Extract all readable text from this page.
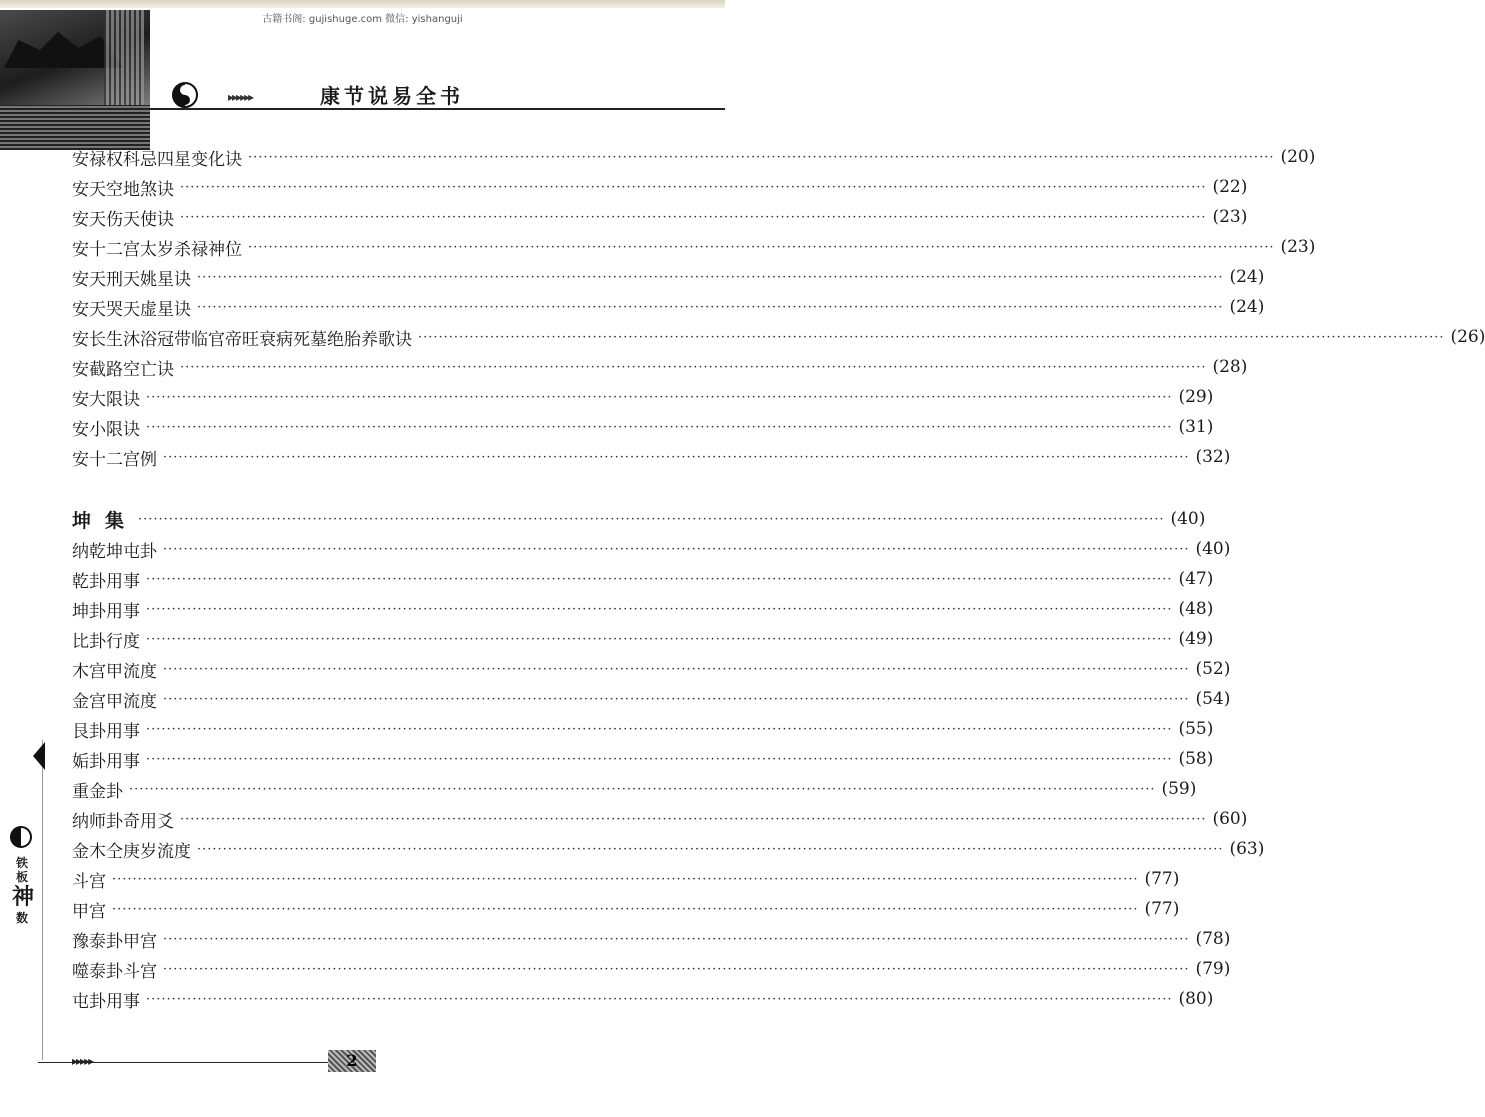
古籍书阁: gujishuge.com 微信: yishanguji
▸▸▸▸▸▸	康节说易全书
安禄权科忌四星变化诀 ········································································································································································································ (20)
安天空地煞诀 ········································································································································································································ (22)
安天伤天使诀 ········································································································································································································ (23)
安十二宫太岁杀禄神位 ········································································································································································································ (23)
安天刑天姚星诀 ········································································································································································································ (24)
安天哭天虚星诀 ········································································································································································································ (24)
安长生沐浴冠带临官帝旺衰病死墓绝胎养歌诀 ········································································································································································································ (26)
安截路空亡诀 ········································································································································································································ (28)
安大限诀 ········································································································································································································ (29)
安小限诀 ········································································································································································································ (31)
安十二宫例 ········································································································································································································ (32)
坤集 ········································································································································································································ (40)
纳乾坤屯卦 ········································································································································································································ (40)
乾卦用事 ········································································································································································································ (47)
坤卦用事 ········································································································································································································ (48)
比卦行度 ········································································································································································································ (49)
木宫甲流度 ········································································································································································································ (52)
金宫甲流度 ········································································································································································································ (54)
艮卦用事 ········································································································································································································ (55)
姤卦用事 ········································································································································································································ (58)
重金卦 ········································································································································································································ (59)
纳师卦奇用爻 ········································································································································································································ (60)
金木仝庚岁流度 ········································································································································································································ (63)
斗宫 ········································································································································································································ (77)
甲宫 ········································································································································································································ (77)
豫泰卦甲宫 ········································································································································································································ (78)
噬泰卦斗宫 ········································································································································································································ (79)
屯卦用事 ········································································································································································································ (80)
铁
板
神
数
▸▸▸▸▸	2
